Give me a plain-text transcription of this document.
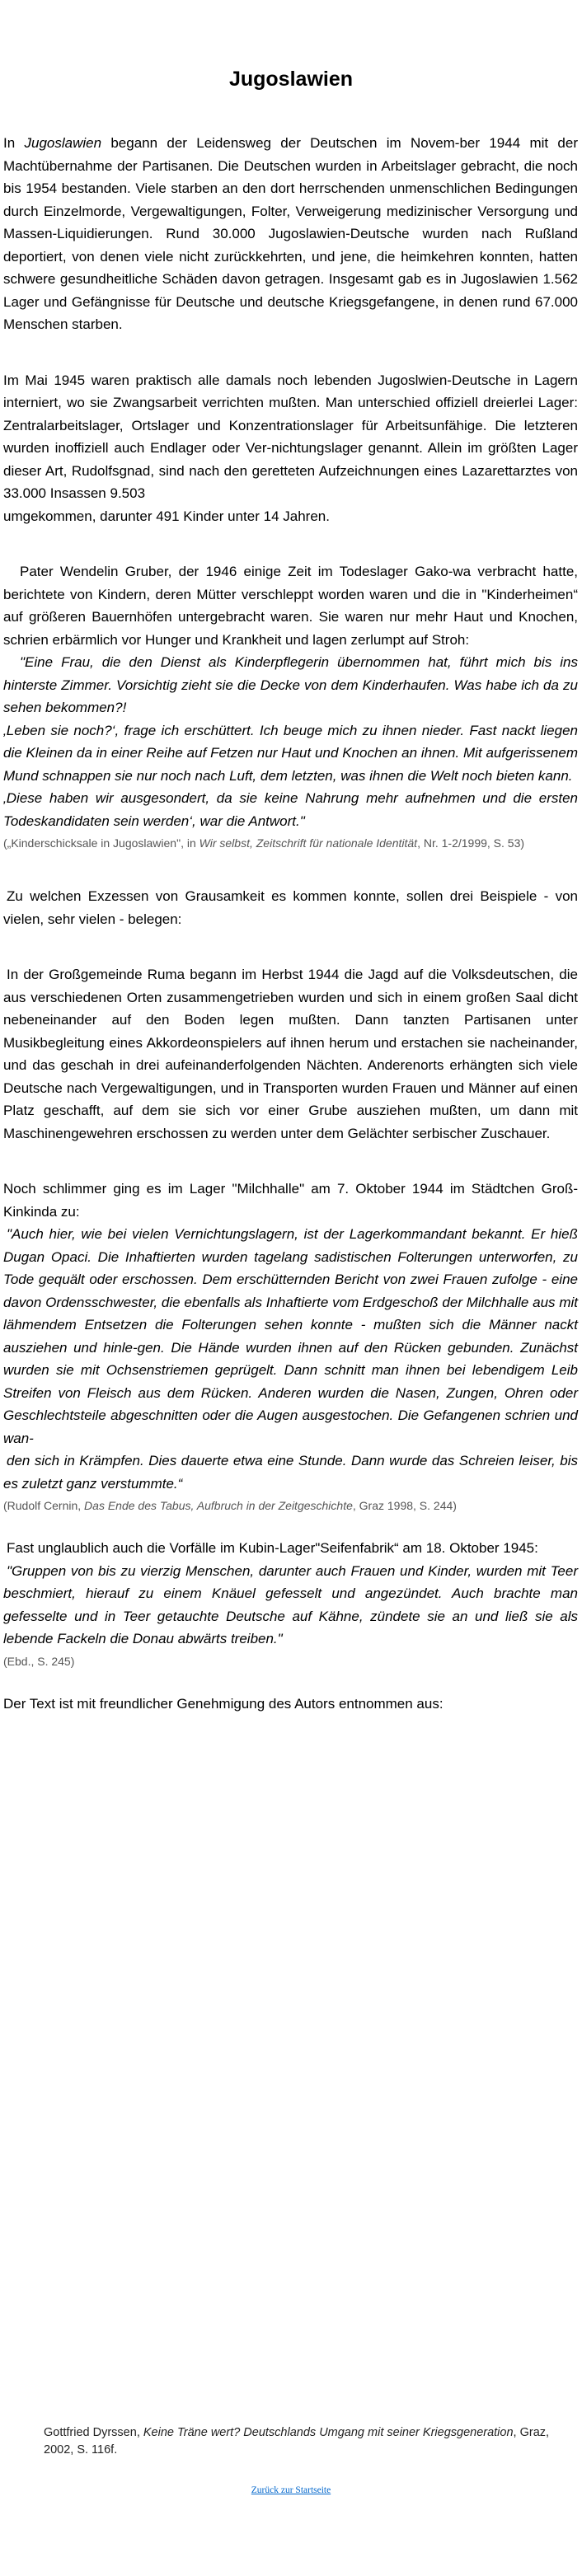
Jugoslawien

In Jugoslawien begann der Leidensweg der Deutschen im Novem-ber 1944 mit der Machtübernahme der Partisanen. Die Deutschen wurden in Arbeitslager gebracht, die noch bis 1954 bestanden. Viele starben an den dort herrschenden unmenschlichen Bedingungen durch Einzelmorde, Vergewaltigungen, Folter, Verweigerung medizinischer Versorgung und Massen-Liquidierungen. Rund 30.000 Jugoslawien-Deutsche wurden nach Rußland deportiert, von denen viele nicht zurückkehrten, und jene, die heimkehren konnten, hatten schwere gesundheitliche Schäden davon getragen. Insgesamt gab es in Jugoslawien 1.562 Lager und Gefängnisse für Deutsche und deutsche Kriegsgefangene, in denen rund 67.000 Menschen starben.

Im Mai 1945 waren praktisch alle damals noch lebenden Jugoslwien-Deutsche in Lagern interniert, wo sie Zwangsarbeit verrichten mußten. Man unterschied offiziell dreierlei Lager: Zentralarbeitslager, Ortslager und Konzentrationslager für Arbeitsunfähige. Die letzteren wurden inoffiziell auch Endlager oder Ver-nichtungslager genannt. Allein im größten Lager dieser Art, Rudolfsgnad, sind nach den geretteten Aufzeichnungen eines Lazarettarztes von 33.000 Insassen 9.503

umgekommen, darunter 491 Kinder unter 14 Jahren.

Pater Wendelin Gruber, der 1946 einige Zeit im Todeslager Gako-wa verbracht hatte, berichtete von Kindern, deren Mütter verschleppt worden waren und die in "Kinderheimen“ auf größeren Bauernhöfen untergebracht waren. Sie waren nur mehr Haut und Knochen, schrien erbärmlich vor Hunger und Krankheit und lagen zerlumpt auf Stroh:

"Eine Frau, die den Dienst als Kinderpflegerin übernommen hat, führt mich bis ins hinterste Zimmer. Vorsichtig zieht sie die Decke von dem Kinderhaufen. Was habe ich da zu sehen bekommen?!

‚Leben sie noch?‘, frage ich erschüttert. Ich beuge mich zu ihnen nieder. Fast nackt liegen die Kleinen da in einer Reihe auf Fetzen nur Haut und Knochen an ihnen. Mit aufgerissenem Mund schnappen sie nur noch nach Luft, dem letzten, was ihnen die Welt noch bieten kann.

‚Diese haben wir ausgesondert, da sie keine Nahrung mehr aufnehmen und die ersten Todeskandidaten sein werden‘, war die Antwort."

(„Kinderschicksale in Jugoslawien", in Wir selbst, Zeitschrift für nationale Identität, Nr. 1-2/1999, S. 53)

Zu welchen Exzessen von Grausamkeit es kommen konnte, sollen drei Beispiele - von vielen, sehr vielen - belegen:

In der Großgemeinde Ruma begann im Herbst 1944 die Jagd auf die Volksdeutschen, die aus verschiedenen Orten zusammengetrieben wurden und sich in einem großen Saal dicht nebeneinander auf den Boden legen mußten. Dann tanzten Partisanen unter Musikbegleitung eines Akkordeonspielers auf ihnen herum und erstachen sie nacheinander, und das geschah in drei aufeinanderfolgenden Nächten. Anderenorts erhängten sich viele Deutsche nach Vergewaltigungen, und in Transporten wurden Frauen und Männer auf einen Platz geschafft, auf dem sie sich vor einer Grube ausziehen mußten, um dann mit Maschinengewehren erschossen zu werden unter dem Gelächter serbischer Zuschauer.

Noch schlimmer ging es im Lager "Milchhalle" am 7. Oktober 1944 im Städtchen Groß-Kinkinda zu:

"Auch hier, wie bei vielen Vernichtungslagern, ist der Lagerkommandant bekannt. Er hieß Dugan Opaci. Die Inhaftierten wurden tagelang sadistischen Folterungen unterworfen, zu Tode gequält oder erschossen. Dem erschütternden Bericht von zwei Frauen zufolge - eine davon Ordensschwester, die ebenfalls als Inhaftierte vom Erdgeschoß der Milchhalle aus mit lähmendem Entsetzen die Folterungen sehen konnte - mußten sich die Männer nackt ausziehen und hinle-gen. Die Hände wurden ihnen auf den Rücken gebunden. Zunächst wurden sie mit Ochsenstriemen geprügelt. Dann schnitt man ihnen bei lebendigem Leib Streifen von Fleisch aus dem Rücken. Anderen wurden die Nasen, Zungen, Ohren oder Geschlechtsteile abgeschnitten oder die Augen ausgestochen. Die Gefangenen schrien und wan-

den sich in Krämpfen. Dies dauerte etwa eine Stunde. Dann wurde das Schreien leiser, bis es zuletzt ganz verstummte.“

(Rudolf Cernin, Das Ende des Tabus, Aufbruch in der Zeitgeschichte, Graz 1998, S. 244)

Fast unglaublich auch die Vorfälle im Kubin-Lager"Seifenfabrik“ am 18. Oktober 1945:

"Gruppen von bis zu vierzig Menschen, darunter auch Frauen und Kinder, wurden mit Teer beschmiert, hierauf zu einem Knäuel gefesselt und angezündet. Auch brachte man gefesselte und in Teer getauchte Deutsche auf Kähne, zündete sie an und ließ sie als lebende Fackeln die Donau abwärts treiben."

(Ebd., S. 245)

Der Text ist mit freundlicher Genehmigung des Autors entnommen aus:

Gottfried Dyrssen, Keine Träne wert? Deutschlands Umgang mit seiner Kriegsgeneration, Graz, 2002, S. 116f.
Zurück zur Startseite
